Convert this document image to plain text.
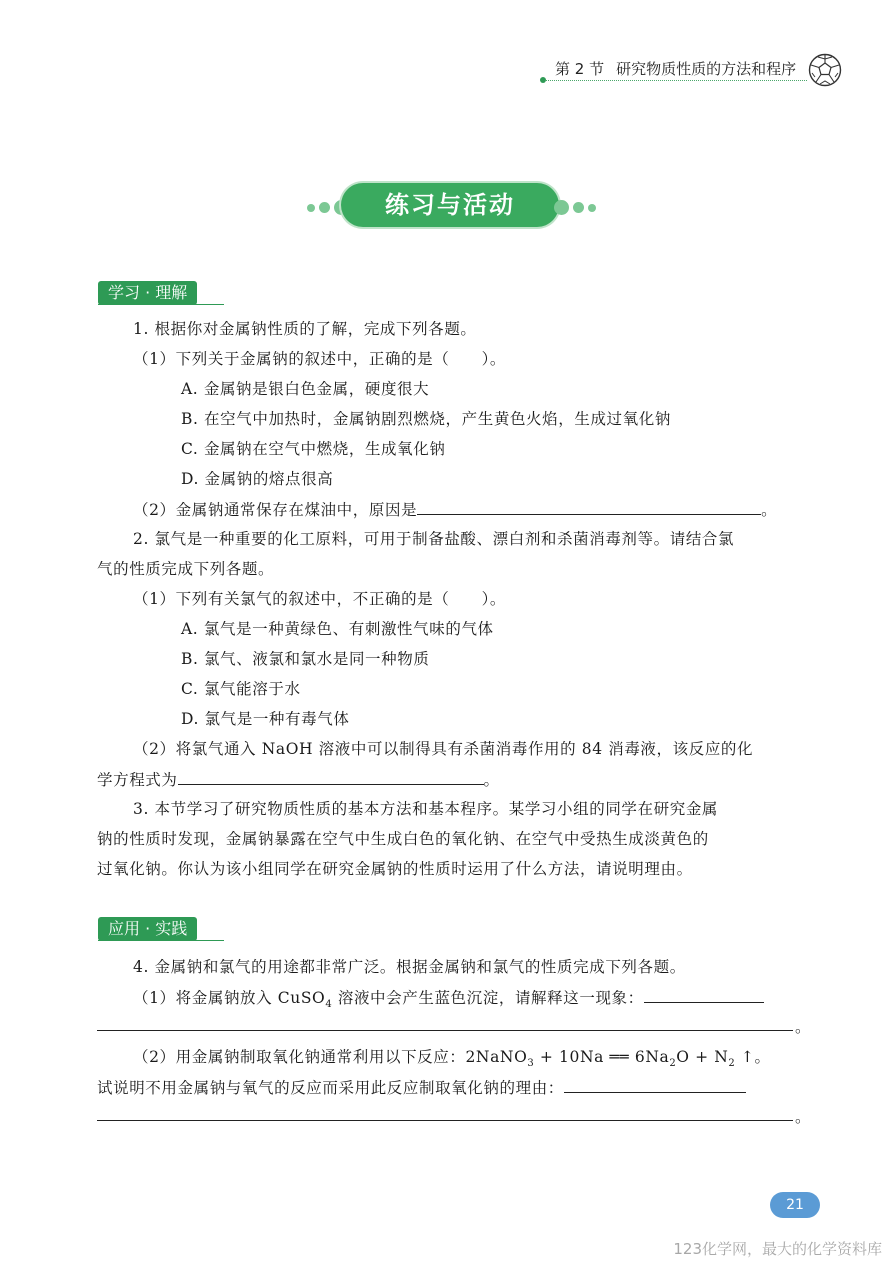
第 2 节 研究物质性质的方法和程序
练习与活动
学习 · 理解
1. 根据你对金属钠性质的了解，完成下列各题。
（1）下列关于金属钠的叙述中，正确的是（　　）。
A. 金属钠是银白色金属，硬度很大
B. 在空气中加热时，金属钠剧烈燃烧，产生黄色火焰，生成过氧化钠
C. 金属钠在空气中燃烧，生成氧化钠
D. 金属钠的熔点很高
（2）金属钠通常保存在煤油中，原因是	。
2. 氯气是一种重要的化工原料，可用于制备盐酸、漂白剂和杀菌消毒剂等。请结合氯
气的性质完成下列各题。
（1）下列有关氯气的叙述中，不正确的是（　　）。
A. 氯气是一种黄绿色、有刺激性气味的气体
B. 氯气、液氯和氯水是同一种物质
C. 氯气能溶于水
D. 氯气是一种有毒气体
（2）将氯气通入 NaOH 溶液中可以制得具有杀菌消毒作用的 84 消毒液，该反应的化
学方程式为	。
3. 本节学习了研究物质性质的基本方法和基本程序。某学习小组的同学在研究金属
钠的性质时发现，金属钠暴露在空气中生成白色的氧化钠、在空气中受热生成淡黄色的
过氧化钠。你认为该小组同学在研究金属钠的性质时运用了什么方法，请说明理由。
应用 · 实践
4. 金属钠和氯气的用途都非常广泛。根据金属钠和氯气的性质完成下列各题。
（1）将金属钠放入 CuSO$_4$ 溶液中会产生蓝色沉淀，请解释这一现象：
。
（2）用金属钠制取氧化钠通常利用以下反应：2NaNO$_3$ + 10Na ══ $6Na_2O + N_2$ ↑。
试说明不用金属钠与氧气的反应而采用此反应制取氧化钠的理由：
。
21
123化学网，最大的化学资料库
